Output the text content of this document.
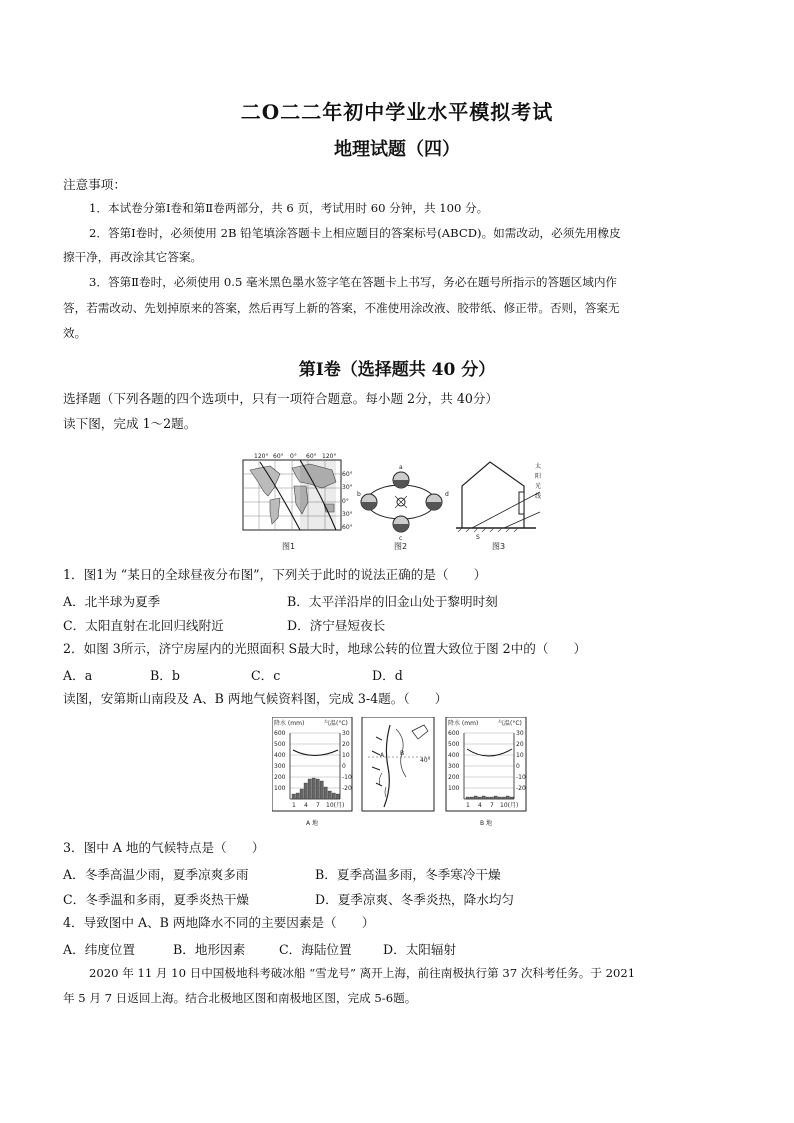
二O二二年初中学业水平模拟考试
地理试题（四）
注意事项：
1．本试卷分第Ⅰ卷和第Ⅱ卷两部分，共 6 页，考试用时 60 分钟，共 100 分。
2．答第Ⅰ卷时，必须使用 2B 铅笔填涂答题卡上相应题目的答案标号(ABCD)。如需改动，必须先用橡皮
擦干净，再改涂其它答案。
3．答第Ⅱ卷时，必须使用 0.5 毫米黑色墨水签字笔在答题卡上书写，务必在题号所指示的答题区域内作
答，若需改动、先划掉原来的答案，然后再写上新的答案，不准使用涂改液、胶带纸、修正带。否则，答案无
效。
第Ⅰ卷（选择题共 40 分）
选择题（下列各题的四个选项中，只有一项符合题意。每小题 2分，共 40分）
读下图，完成 1～2题。
120° 60° 0° 60° 120°
60°
30°
0°
30°
60°
图1
a
b
c
d
图2
S
太
阳
光
线
图3
1．图1为 “某日的全球昼夜分布图”，下列关于此时的说法正确的是（　　）
A．北半球为夏季	B．太平洋沿岸的旧金山处于黎明时刻
C．太阳直射在北回归线附近	D．济宁昼短夜长
2．如图 3所示，济宁房屋内的光照面积 S最大时，地球公转的位置大致位于图 2中的（　　）
A．a	B．b	C．c	D．d
读图，安第斯山南段及 A、B 两地气候资料图，完成 3-4题。（　　）
降水 (mm)	气温(°C)
600
500
400
300
200
100
30
20
10
0
-10
-20
1 4 7 10(月)
A 地
A	B
40°
降水 (mm)	气温(°C)
600
500
400
300
200
100
30
20
10
0
-10
-20
1 4 7 10(月)
B 地
3．图中 A 地的气候特点是（　　）
A．冬季高温少雨，夏季凉爽多雨	B．夏季高温多雨，冬季寒冷干燥
C．冬季温和多雨，夏季炎热干燥	D．夏季凉爽、冬季炎热，降水均匀
4．导致图中 A、B 两地降水不同的主要因素是（　　）
A．纬度位置	B．地形因素	C．海陆位置 D．太阳辐射
2020 年 11 月 10 日中国极地科考破冰船 “雪龙号” 离开上海，前往南极执行第 37 次科考任务。于 2021
年 5 月 7 日返回上海。结合北极地区图和南极地区图，完成 5-6题。
